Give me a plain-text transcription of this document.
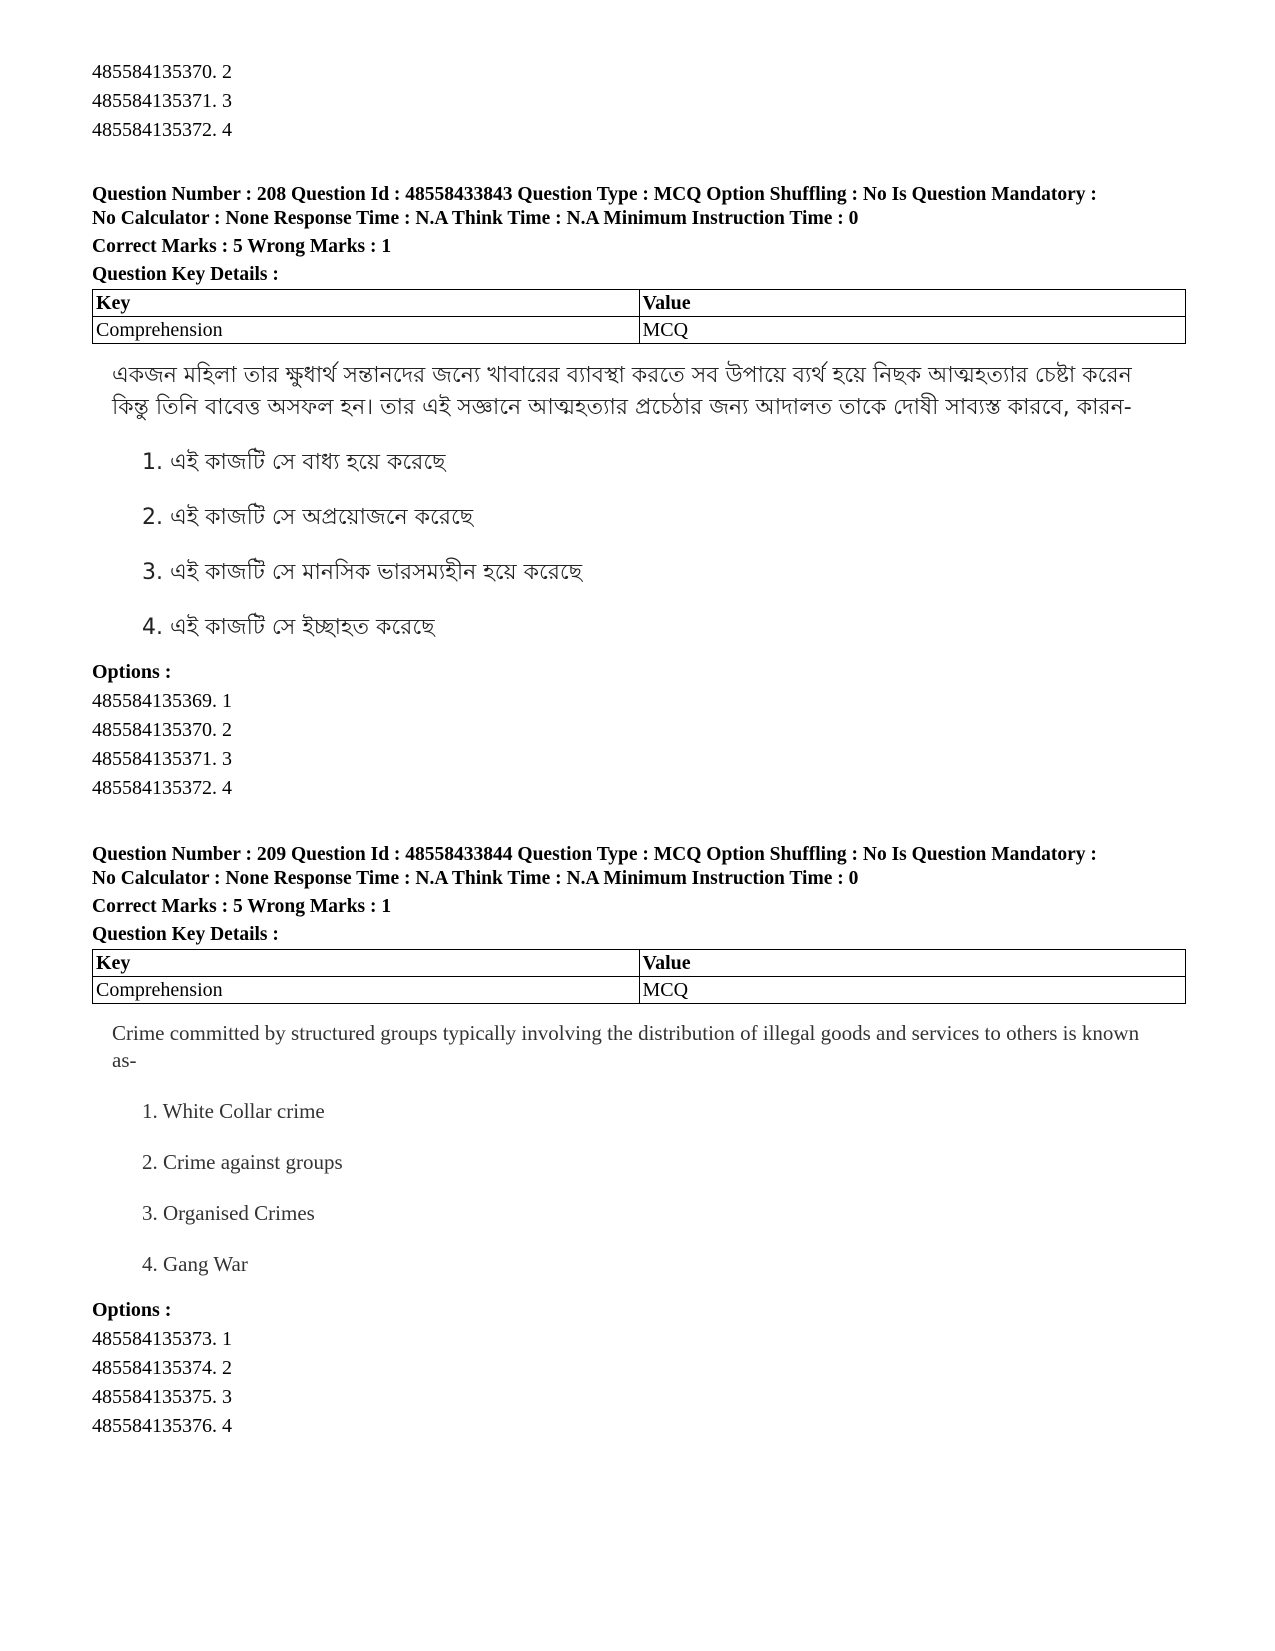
485584135370. 2
485584135371. 3
485584135372. 4
Question Number : 208 Question Id : 48558433843 Question Type : MCQ Option Shuffling : No Is Question Mandatory :
No Calculator : None Response Time : N.A Think Time : N.A Minimum Instruction Time : 0
Correct Marks : 5 Wrong Marks : 1
Question Key Details :
Key	Value
Comprehension	MCQ
একজন মহিলা তার ক্ষুধার্থ সন্তানদের জন্যে খাবারের ব্যাবস্থা করতে সব উপায়ে ব্যর্থ হয়ে নিছক আত্মহত্যার চেষ্টা করেন কিন্তু তিনি বাবেত্ত অসফল হন। তার এই সজ্ঞানে আত্মহত্যার প্রচেঠার জন্য আদালত তাকে দোষী সাব্যস্ত কারবে, কারন-
1. এই কাজটি সে বাধ্য হয়ে করেছে
2. এই কাজটি সে অপ্রয়োজনে করেছে
3. এই কাজটি সে মানসিক ভারসম্যহীন হয়ে করেছে
4. এই কাজটি সে ইচ্ছাহত করেছে
Options :
485584135369. 1
485584135370. 2
485584135371. 3
485584135372. 4
Question Number : 209 Question Id : 48558433844 Question Type : MCQ Option Shuffling : No Is Question Mandatory :
No Calculator : None Response Time : N.A Think Time : N.A Minimum Instruction Time : 0
Correct Marks : 5 Wrong Marks : 1
Question Key Details :
Key	Value
Comprehension	MCQ
Crime committed by structured groups typically involving the distribution of illegal goods and services to others is known as-
1. White Collar crime
2. Crime against groups
3. Organised Crimes
4. Gang War
Options :
485584135373. 1
485584135374. 2
485584135375. 3
485584135376. 4
